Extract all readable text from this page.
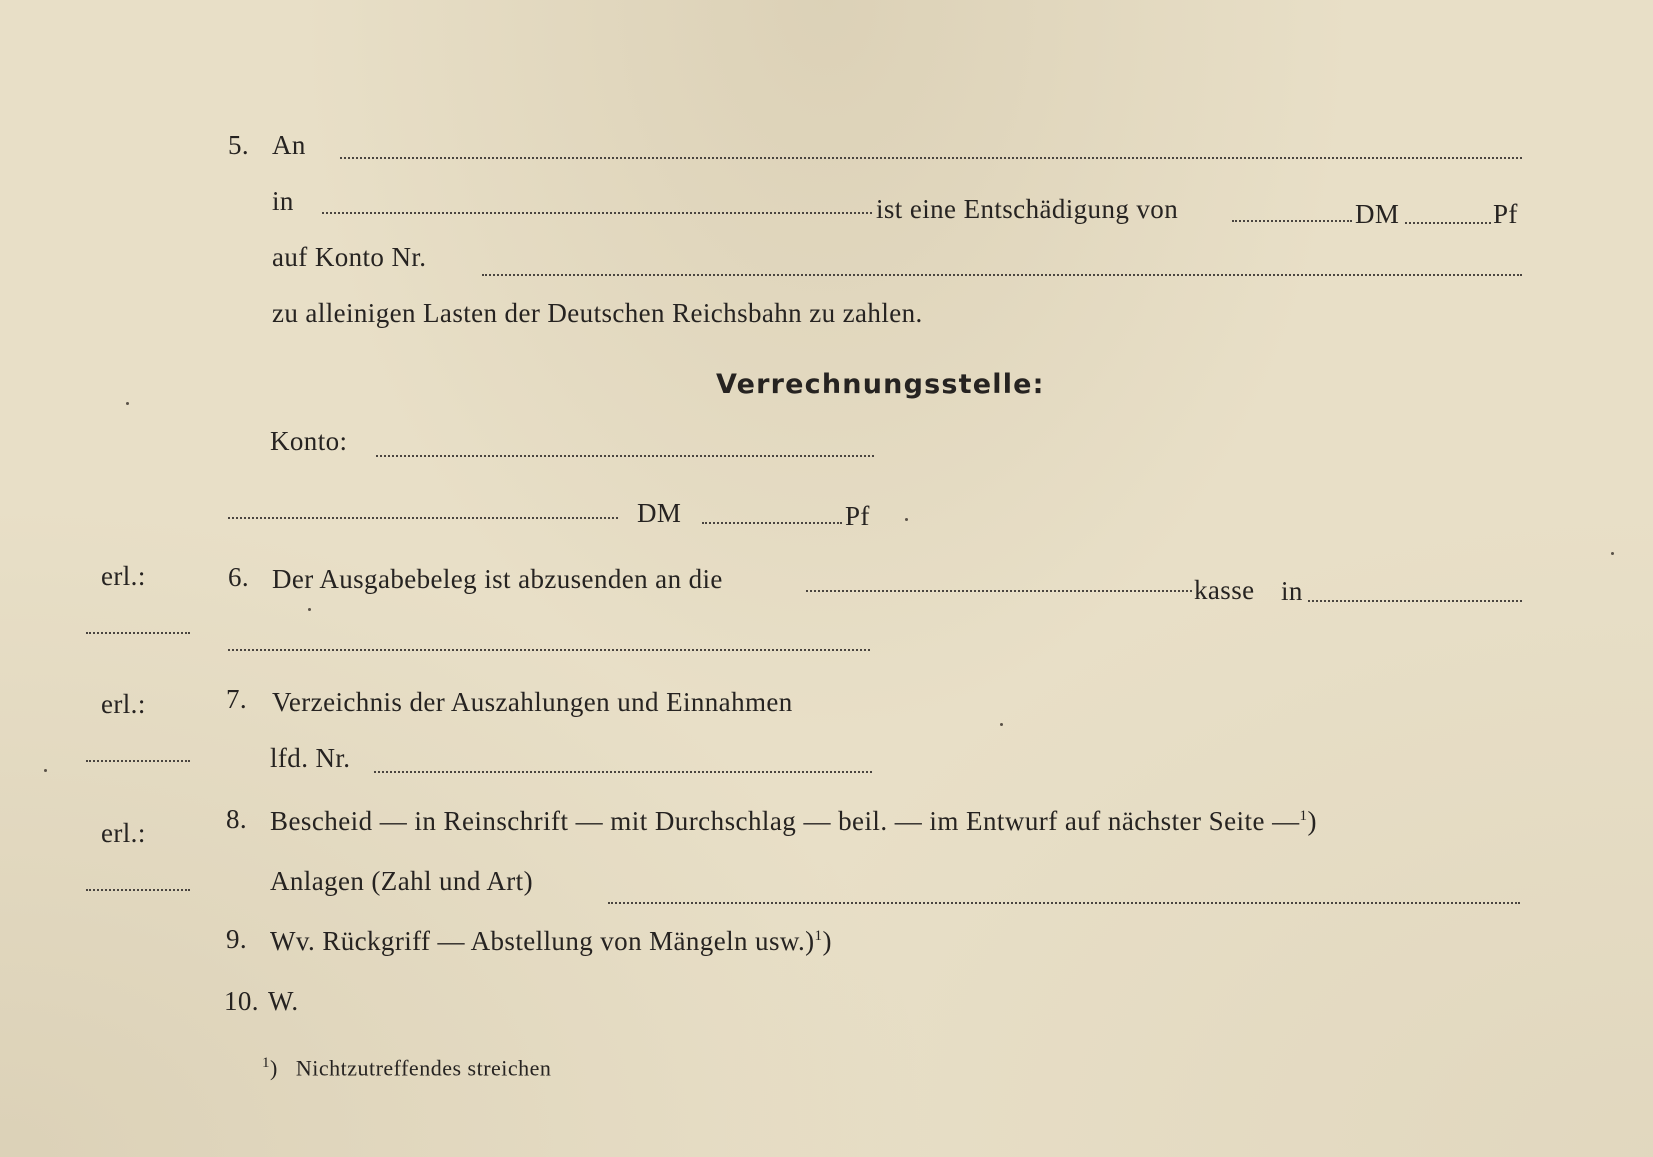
5. An
in	ist eine Entschädigung von	DM	Pf
auf Konto Nr.
zu alleinigen Lasten der Deutschen Reichsbahn zu zahlen.
Verrechnungsstelle:
Konto:
DM	Pf
erl.:	6. Der Ausgabebeleg ist abzusenden an die	kasse in
erl.:	7. Verzeichnis der Auszahlungen und Einnahmen
lfd. Nr.
erl.:	8. Bescheid — in Reinschrift — mit Durchschlag — beil. — im Entwurf auf nächster Seite —$^1$)
Anlagen (Zahl und Art)
9. Wv. Rückgriff — Abstellung von Mängeln usw.)$^1$)
10. W.
$^1$) Nichtzutreffendes streichen
